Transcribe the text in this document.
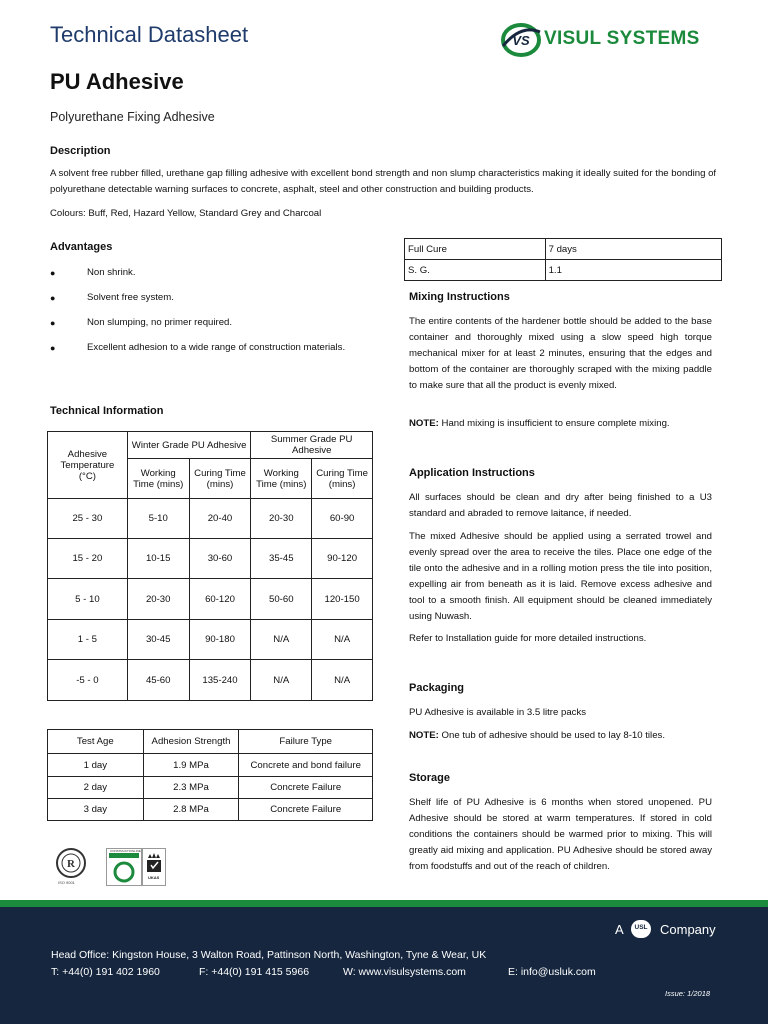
Technical Datasheet	VS VISUL SYSTEMS
PU Adhesive
Polyurethane Fixing Adhesive
Description
A solvent free rubber filled, urethane gap filling adhesive with excellent bond strength and non slump characteristics making it ideally suited for the bonding of polyurethane detectable warning surfaces to concrete, asphalt, steel and other construction and building products.
Colours: Buff, Red, Hazard Yellow, Standard Grey and Charcoal
Advantages
●	Non shrink.
●	Solvent free system.
●	Non slumping, no primer required.
●	Excellent adhesion to a wide range of construction materials.
Technical Information
Adhesive Temperature (°C)	Winter Grade PU Adhesive		Summer Grade PU Adhesive	
	Working Time (mins)	Curing Time (mins)	Working Time (mins)	Curing Time (mins)
25 - 30	5-10	20-40	20-30	60-90
15 - 20	10-15	30-60	35-45	90-120
5 - 10	20-30	60-120	50-60	120-150
1 - 5	30-45	90-180	N/A	N/A
-5 - 0	45-60	135-240	N/A	N/A
Test Age	Adhesion Strength	Failure Type
1 day	1.9 MPa	Concrete and bond failure
2 day	2.3 MPa	Concrete Failure
3 day	2.8 MPa	Concrete Failure
R
ISO 9001
CONSTRUCTIONLINE
UKAS
Full Cure	7 days
S. G.	1.1
Mixing Instructions
The entire contents of the hardener bottle should be added to the base container and thoroughly mixed using a slow speed high torque mechanical mixer for at least 2 minutes, ensuring that the edges and bottom of the container are thoroughly scraped with the mixing paddle to make sure that all the product is evenly mixed.
NOTE: Hand mixing is insufficient to ensure complete mixing.
Application Instructions
All surfaces should be clean and dry after being finished to a U3 standard and abraded to remove laitance, if needed.
The mixed Adhesive should be applied using a serrated trowel and evenly spread over the area to receive the tiles. Place one edge of the tile onto the adhesive and in a rolling motion press the tile into position, expelling air from beneath as it is laid. Remove excess adhesive and tool to a smooth finish. All equipment should be cleaned immediately using Nuwash.
Refer to Installation guide for more detailed instructions.
Packaging
PU Adhesive is available in 3.5 litre packs
NOTE: One tub of adhesive should be used to lay 8-10 tiles.
Storage
Shelf life of PU Adhesive is 6 months when stored unopened. PU Adhesive should be stored at warm temperatures. If stored in cold conditions the containers should be warmed prior to mixing. This will greatly aid mixing and application. PU Adhesive should be stored away from foodstuffs and out of the reach of children.
A	USL Company
Head Office: Kingston House, 3 Walton Road, Pattinson North, Washington, Tyne & Wear, UK
T: +44(0) 191 402 1960	F: +44(0) 191 415 5966	W: www.visulsystems.com	E: info@usluk.com
Issue: 1/2018
